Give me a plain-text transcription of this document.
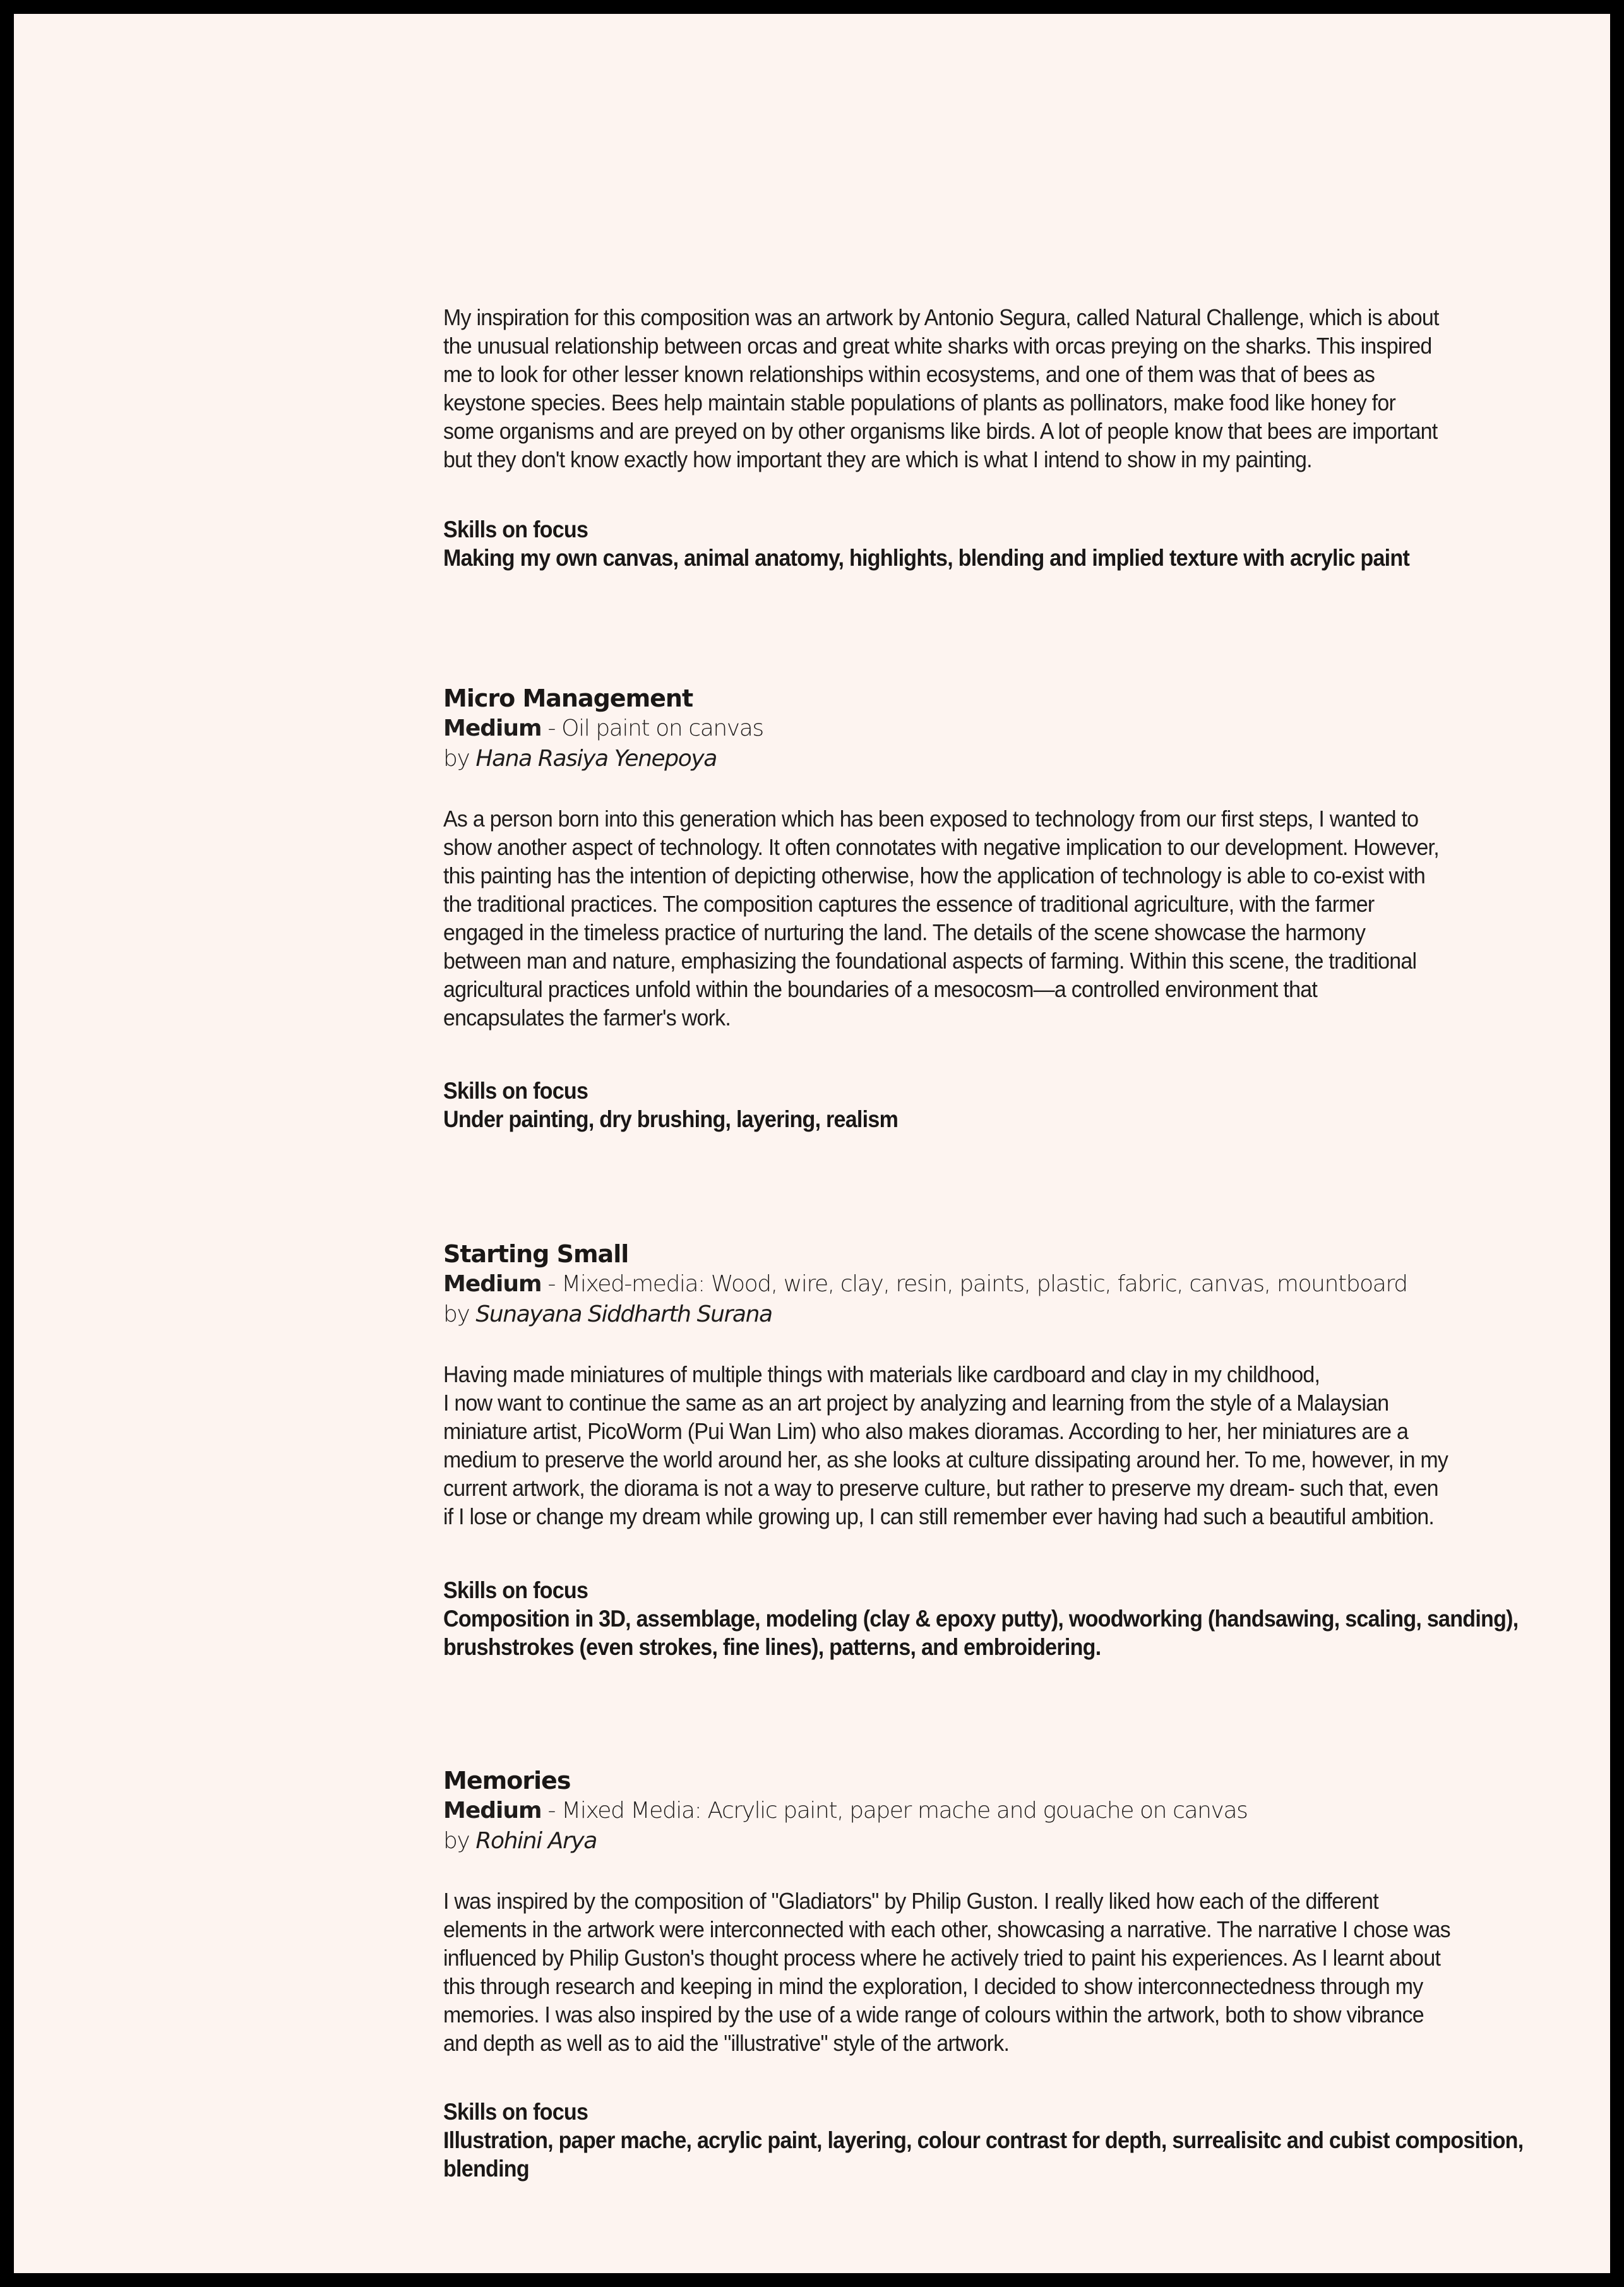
My inspiration for this composition was an artwork by Antonio Segura, called Natural Challenge, which is about
the unusual relationship between orcas and great white sharks with orcas preying on the sharks. This inspired
me to look for other lesser known relationships within ecosystems, and one of them was that of bees as
keystone species. Bees help maintain stable populations of plants as pollinators, make food like honey for
some organisms and are preyed on by other organisms like birds. A lot of people know that bees are important
but they don't know exactly how important they are which is what I intend to show in my painting.
Skills on focus
Making my own canvas, animal anatomy, highlights, blending and implied texture with acrylic paint
Micro Management
Medium - Oil paint on canvas
by Hana Rasiya Yenepoya
As a person born into this generation which has been exposed to technology from our first steps, I wanted to
show another aspect of technology. It often connotates with negative implication to our development. However,
this painting has the intention of depicting otherwise, how the application of technology is able to co-exist with
the traditional practices. The composition captures the essence of traditional agriculture, with the farmer
engaged in the timeless practice of nurturing the land. The details of the scene showcase the harmony
between man and nature, emphasizing the foundational aspects of farming. Within this scene, the traditional
agricultural practices unfold within the boundaries of a mesocosm—a controlled environment that
encapsulates the farmer's work.
Skills on focus
Under painting, dry brushing, layering, realism
Starting Small
Medium - Mixed-media: Wood, wire, clay, resin, paints, plastic, fabric, canvas, mountboard
by Sunayana Siddharth Surana
Having made miniatures of multiple things with materials like cardboard and clay in my childhood,
I now want to continue the same as an art project by analyzing and learning from the style of a Malaysian
miniature artist, PicoWorm (Pui Wan Lim) who also makes dioramas. According to her, her miniatures are a
medium to preserve the world around her, as she looks at culture dissipating around her. To me, however, in my
current artwork, the diorama is not a way to preserve culture, but rather to preserve my dream- such that, even
if I lose or change my dream while growing up, I can still remember ever having had such a beautiful ambition.
Skills on focus
Composition in 3D, assemblage, modeling (clay & epoxy putty), woodworking (handsawing, scaling, sanding),
brushstrokes (even strokes, fine lines), patterns, and embroidering.
Memories
Medium - Mixed Media: Acrylic paint, paper mache and gouache on canvas
by Rohini Arya
I was inspired by the composition of "Gladiators" by Philip Guston. I really liked how each of the different
elements in the artwork were interconnected with each other, showcasing a narrative. The narrative I chose was
influenced by Philip Guston's thought process where he actively tried to paint his experiences. As I learnt about
this through research and keeping in mind the exploration, I decided to show interconnectedness through my
memories. I was also inspired by the use of a wide range of colours within the artwork, both to show vibrance
and depth as well as to aid the "illustrative" style of the artwork.
Skills on focus
Illustration, paper mache, acrylic paint, layering, colour contrast for depth, surrealisitc and cubist composition,
blending
